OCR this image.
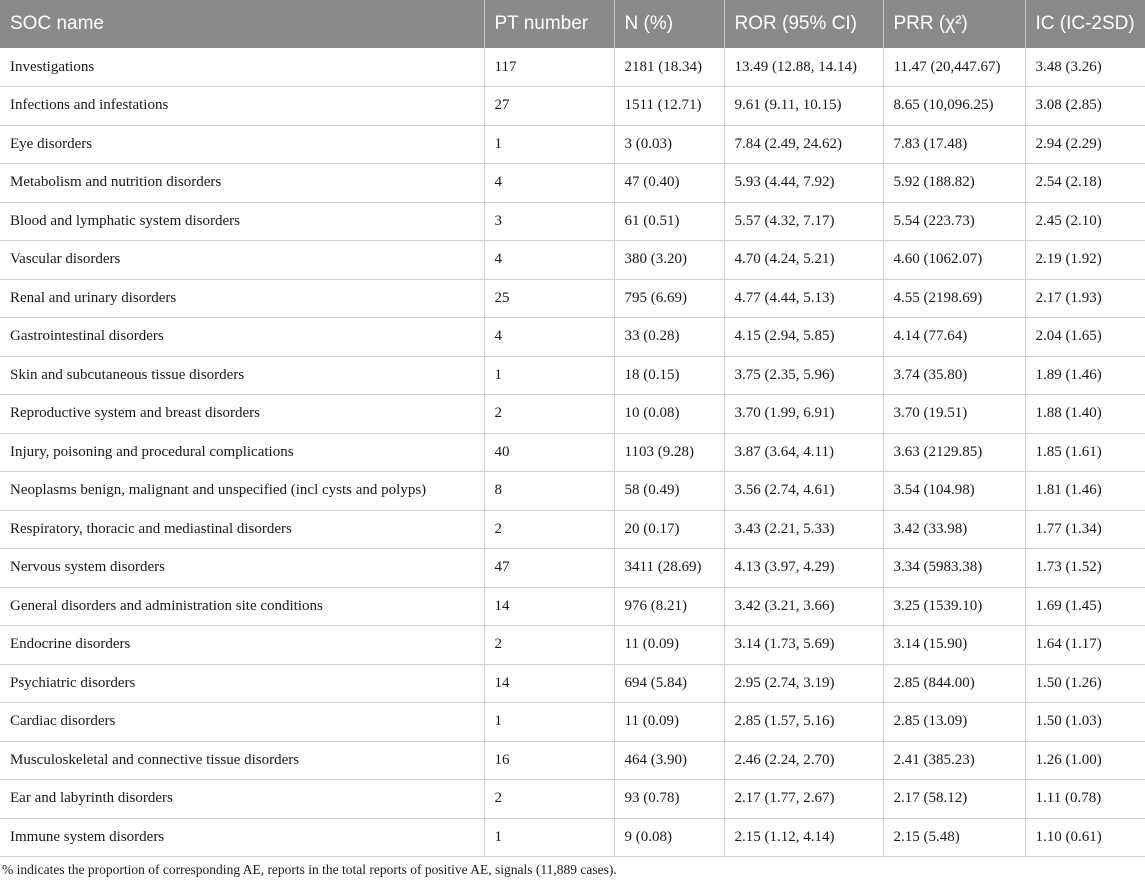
SOC name	PT number	N (%)	ROR (95% CI)	PRR (χ²)	IC (IC-2SD)
Investigations	117	2181 (18.34)	13.49 (12.88, 14.14)	11.47 (20,447.67)	3.48 (3.26)
Infections and infestations	27	1511 (12.71)	9.61 (9.11, 10.15)	8.65 (10,096.25)	3.08 (2.85)
Eye disorders	1	3 (0.03)	7.84 (2.49, 24.62)	7.83 (17.48)	2.94 (2.29)
Metabolism and nutrition disorders	4	47 (0.40)	5.93 (4.44, 7.92)	5.92 (188.82)	2.54 (2.18)
Blood and lymphatic system disorders	3	61 (0.51)	5.57 (4.32, 7.17)	5.54 (223.73)	2.45 (2.10)
Vascular disorders	4	380 (3.20)	4.70 (4.24, 5.21)	4.60 (1062.07)	2.19 (1.92)
Renal and urinary disorders	25	795 (6.69)	4.77 (4.44, 5.13)	4.55 (2198.69)	2.17 (1.93)
Gastrointestinal disorders	4	33 (0.28)	4.15 (2.94, 5.85)	4.14 (77.64)	2.04 (1.65)
Skin and subcutaneous tissue disorders	1	18 (0.15)	3.75 (2.35, 5.96)	3.74 (35.80)	1.89 (1.46)
Reproductive system and breast disorders	2	10 (0.08)	3.70 (1.99, 6.91)	3.70 (19.51)	1.88 (1.40)
Injury, poisoning and procedural complications	40	1103 (9.28)	3.87 (3.64, 4.11)	3.63 (2129.85)	1.85 (1.61)
Neoplasms benign, malignant and unspecified (incl cysts and polyps)	8	58 (0.49)	3.56 (2.74, 4.61)	3.54 (104.98)	1.81 (1.46)
Respiratory, thoracic and mediastinal disorders	2	20 (0.17)	3.43 (2.21, 5.33)	3.42 (33.98)	1.77 (1.34)
Nervous system disorders	47	3411 (28.69)	4.13 (3.97, 4.29)	3.34 (5983.38)	1.73 (1.52)
General disorders and administration site conditions	14	976 (8.21)	3.42 (3.21, 3.66)	3.25 (1539.10)	1.69 (1.45)
Endocrine disorders	2	11 (0.09)	3.14 (1.73, 5.69)	3.14 (15.90)	1.64 (1.17)
Psychiatric disorders	14	694 (5.84)	2.95 (2.74, 3.19)	2.85 (844.00)	1.50 (1.26)
Cardiac disorders	1	11 (0.09)	2.85 (1.57, 5.16)	2.85 (13.09)	1.50 (1.03)
Musculoskeletal and connective tissue disorders	16	464 (3.90)	2.46 (2.24, 2.70)	2.41 (385.23)	1.26 (1.00)
Ear and labyrinth disorders	2	93 (0.78)	2.17 (1.77, 2.67)	2.17 (58.12)	1.11 (0.78)
Immune system disorders	1	9 (0.08)	2.15 (1.12, 4.14)	2.15 (5.48)	1.10 (0.61)
% indicates the proportion of corresponding AE, reports in the total reports of positive AE, signals (11,889 cases).
